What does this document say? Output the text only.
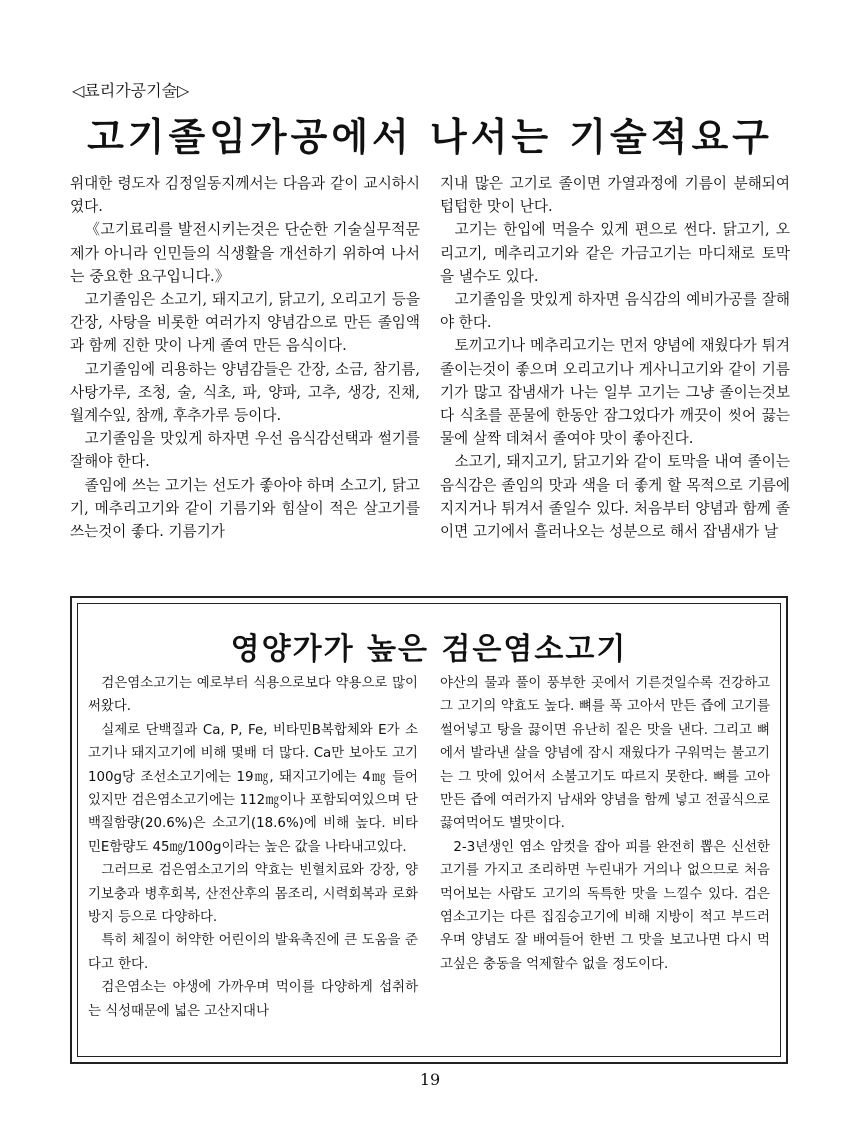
◁료리가공기술▷
고기졸임가공에서 나서는 기술적요구

위대한 령도자 김정일동지께서는 다음과 같이 교시하시였다.

《고기료리를 발전시키는것은 단순한 기술실무적문제가 아니라 인민들의 식생활을 개선하기 위하여 나서는 중요한 요구입니다.》

고기졸임은 소고기, 돼지고기, 닭고기, 오리고기 등을 간장, 사탕을 비롯한 여러가지 양념감으로 만든 졸임액과 함께 진한 맛이 나게 졸여 만든 음식이다.

고기졸임에 리용하는 양념감들은 간장, 소금, 참기름, 사탕가루, 조청, 술, 식초, 파, 양파, 고추, 생강, 진채, 월계수잎, 참깨, 후추가루 등이다.

고기졸임을 맛있게 하자면 우선 음식감선택과 썰기를 잘해야 한다.

졸임에 쓰는 고기는 선도가 좋아야 하며 소고기, 닭고기, 메추리고기와 같이 기름기와 힘살이 적은 살고기를 쓰는것이 좋다. 기름기가

지내 많은 고기로 졸이면 가열과정에 기름이 분해되여 텁텁한 맛이 난다.

고기는 한입에 먹을수 있게 편으로 썬다. 닭고기, 오리고기, 메추리고기와 같은 가금고기는 마디채로 토막을 낼수도 있다.

고기졸임을 맛있게 하자면 음식감의 예비가공를 잘해야 한다.

토끼고기나 메추리고기는 먼저 양념에 재웠다가 튀겨 졸이는것이 좋으며 오리고기나 게사니고기와 같이 기름기가 많고 잡냄새가 나는 일부 고기는 그냥 졸이는것보다 식초를 푼물에 한동안 잠그었다가 깨끗이 씻어 끓는물에 살짝 데쳐서 졸여야 맛이 좋아진다.

소고기, 돼지고기, 닭고기와 같이 토막을 내여 졸이는 음식감은 졸임의 맛과 색을 더 좋게 할 목적으로 기름에 지지거나 튀겨서 졸일수 있다. 처음부터 양념과 함께 졸이면 고기에서 흘러나오는 성분으로 해서 잡냄새가 날

영양가가 높은 검은염소고기

검은염소고기는 예로부터 식용으로보다 약용으로 많이 써왔다.

실제로 단백질과 Ca, P, Fe, 비타민B복합체와 E가 소고기나 돼지고기에 비해 몇배 더 많다. Ca만 보아도 고기 100g당 조선소고기에는 19㎎, 돼지고기에는 4㎎ 들어있지만 검은염소고기에는 112㎎이나 포함되여있으며 단백질함량(20.6%)은 소고기(18.6%)에 비해 높다. 비타민E함량도 45㎎/100g이라는 높은 값을 나타내고있다.

그러므로 검은염소고기의 약효는 빈혈치료와 강장, 양기보충과 병후회복, 산전산후의 몸조리, 시력회복과 로화방지 등으로 다양하다.

특히 체질이 허약한 어린이의 발육촉진에 큰 도움을 준다고 한다.

검은염소는 야생에 가까우며 먹이를 다양하게 섭취하는 식성때문에 넓은 고산지대나

야산의 물과 풀이 풍부한 곳에서 기른것일수록 건강하고 그 고기의 약효도 높다. 뼈를 푹 고아서 만든 즙에 고기를 썰어넣고 탕을 끓이면 유난히 짙은 맛을 낸다. 그리고 뼈에서 발라낸 살을 양념에 잠시 재웠다가 구워먹는 불고기는 그 맛에 있어서 소불고기도 따르지 못한다. 뼈를 고아 만든 즙에 여러가지 남새와 양념을 함께 넣고 전골식으로 끓여먹어도 별맛이다.

2-3년생인 염소 암컷을 잡아 피를 완전히 뽑은 신선한 고기를 가지고 조리하면 누린내가 거의나 없으므로 처음 먹어보는 사람도 고기의 독특한 맛을 느낄수 있다. 검은염소고기는 다른 집짐승고기에 비해 지방이 적고 부드러우며 양념도 잘 배여들어 한번 그 맛을 보고나면 다시 먹고싶은 충동을 억제할수 없을 정도이다.

19
